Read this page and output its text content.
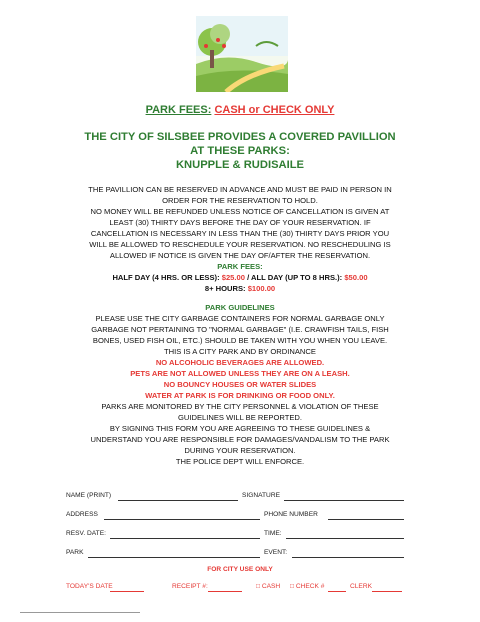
PARK FEES: CASH or CHECK ONLY
THE CITY OF SILSBEE PROVIDES A COVERED PAVILLION
AT THESE PARKS:
KNUPPLE & RUDISAILE
THE PAVILLION CAN BE RESERVED IN ADVANCE AND MUST BE PAID IN PERSON IN
ORDER FOR THE RESERVATION TO HOLD.
NO MONEY WILL BE REFUNDED UNLESS NOTICE OF CANCELLATION IS GIVEN AT
LEAST (30) THIRTY DAYS BEFORE THE DAY OF YOUR RESERVATION. IF
CANCELLATION IS NECESSARY IN LESS THAN THE (30) THIRTY DAYS PRIOR YOU
WILL BE ALLOWED TO RESCHEDULE YOUR RESERVATION. NO RESCHEDULING IS
ALLOWED IF NOTICE IS GIVEN THE DAY OF/AFTER THE RESERVATION.
PARK FEES:
HALF DAY (4 HRS. OR LESS): $25.00 / ALL DAY (UP TO 8 HRS.): $50.00
8+ HOURS: $100.00
PARK GUIDELINES
PLEASE USE THE CITY GARBAGE CONTAINERS FOR NORMAL GARBAGE ONLY
GARBAGE NOT PERTAINING TO "NORMAL GARBAGE" (I.E. CRAWFISH TAILS, FISH
BONES, USED FISH OIL, ETC.) SHOULD BE TAKEN WITH YOU WHEN YOU LEAVE.
THIS IS A CITY PARK AND BY ORDINANCE
NO ALCOHOLIC BEVERAGES ARE ALLOWED.
PETS ARE NOT ALLOWED UNLESS THEY ARE ON A LEASH.
NO BOUNCY HOUSES OR WATER SLIDES
WATER AT PARK IS FOR DRINKING OR FOOD ONLY.
PARKS ARE MONITORED BY THE CITY PERSONNEL & VIOLATION OF THESE
GUIDELINES WILL BE REPORTED.
BY SIGNING THIS FORM YOU ARE AGREEING TO THESE GUIDELINES &
UNDERSTAND YOU ARE RESPONSIBLE FOR DAMAGES/VANDALISM TO THE PARK
DURING YOUR RESERVATION.
THE POLICE DEPT WILL ENFORCE.
NAME (PRINT)	SIGNATURE
ADDRESS	PHONE NUMBER
RESV. DATE:	TIME:
PARK	EVENT:
FOR CITY USE ONLY
TODAY'S DATE	RECEIPT #:	□ CASH □ CHECK #	CLERK
